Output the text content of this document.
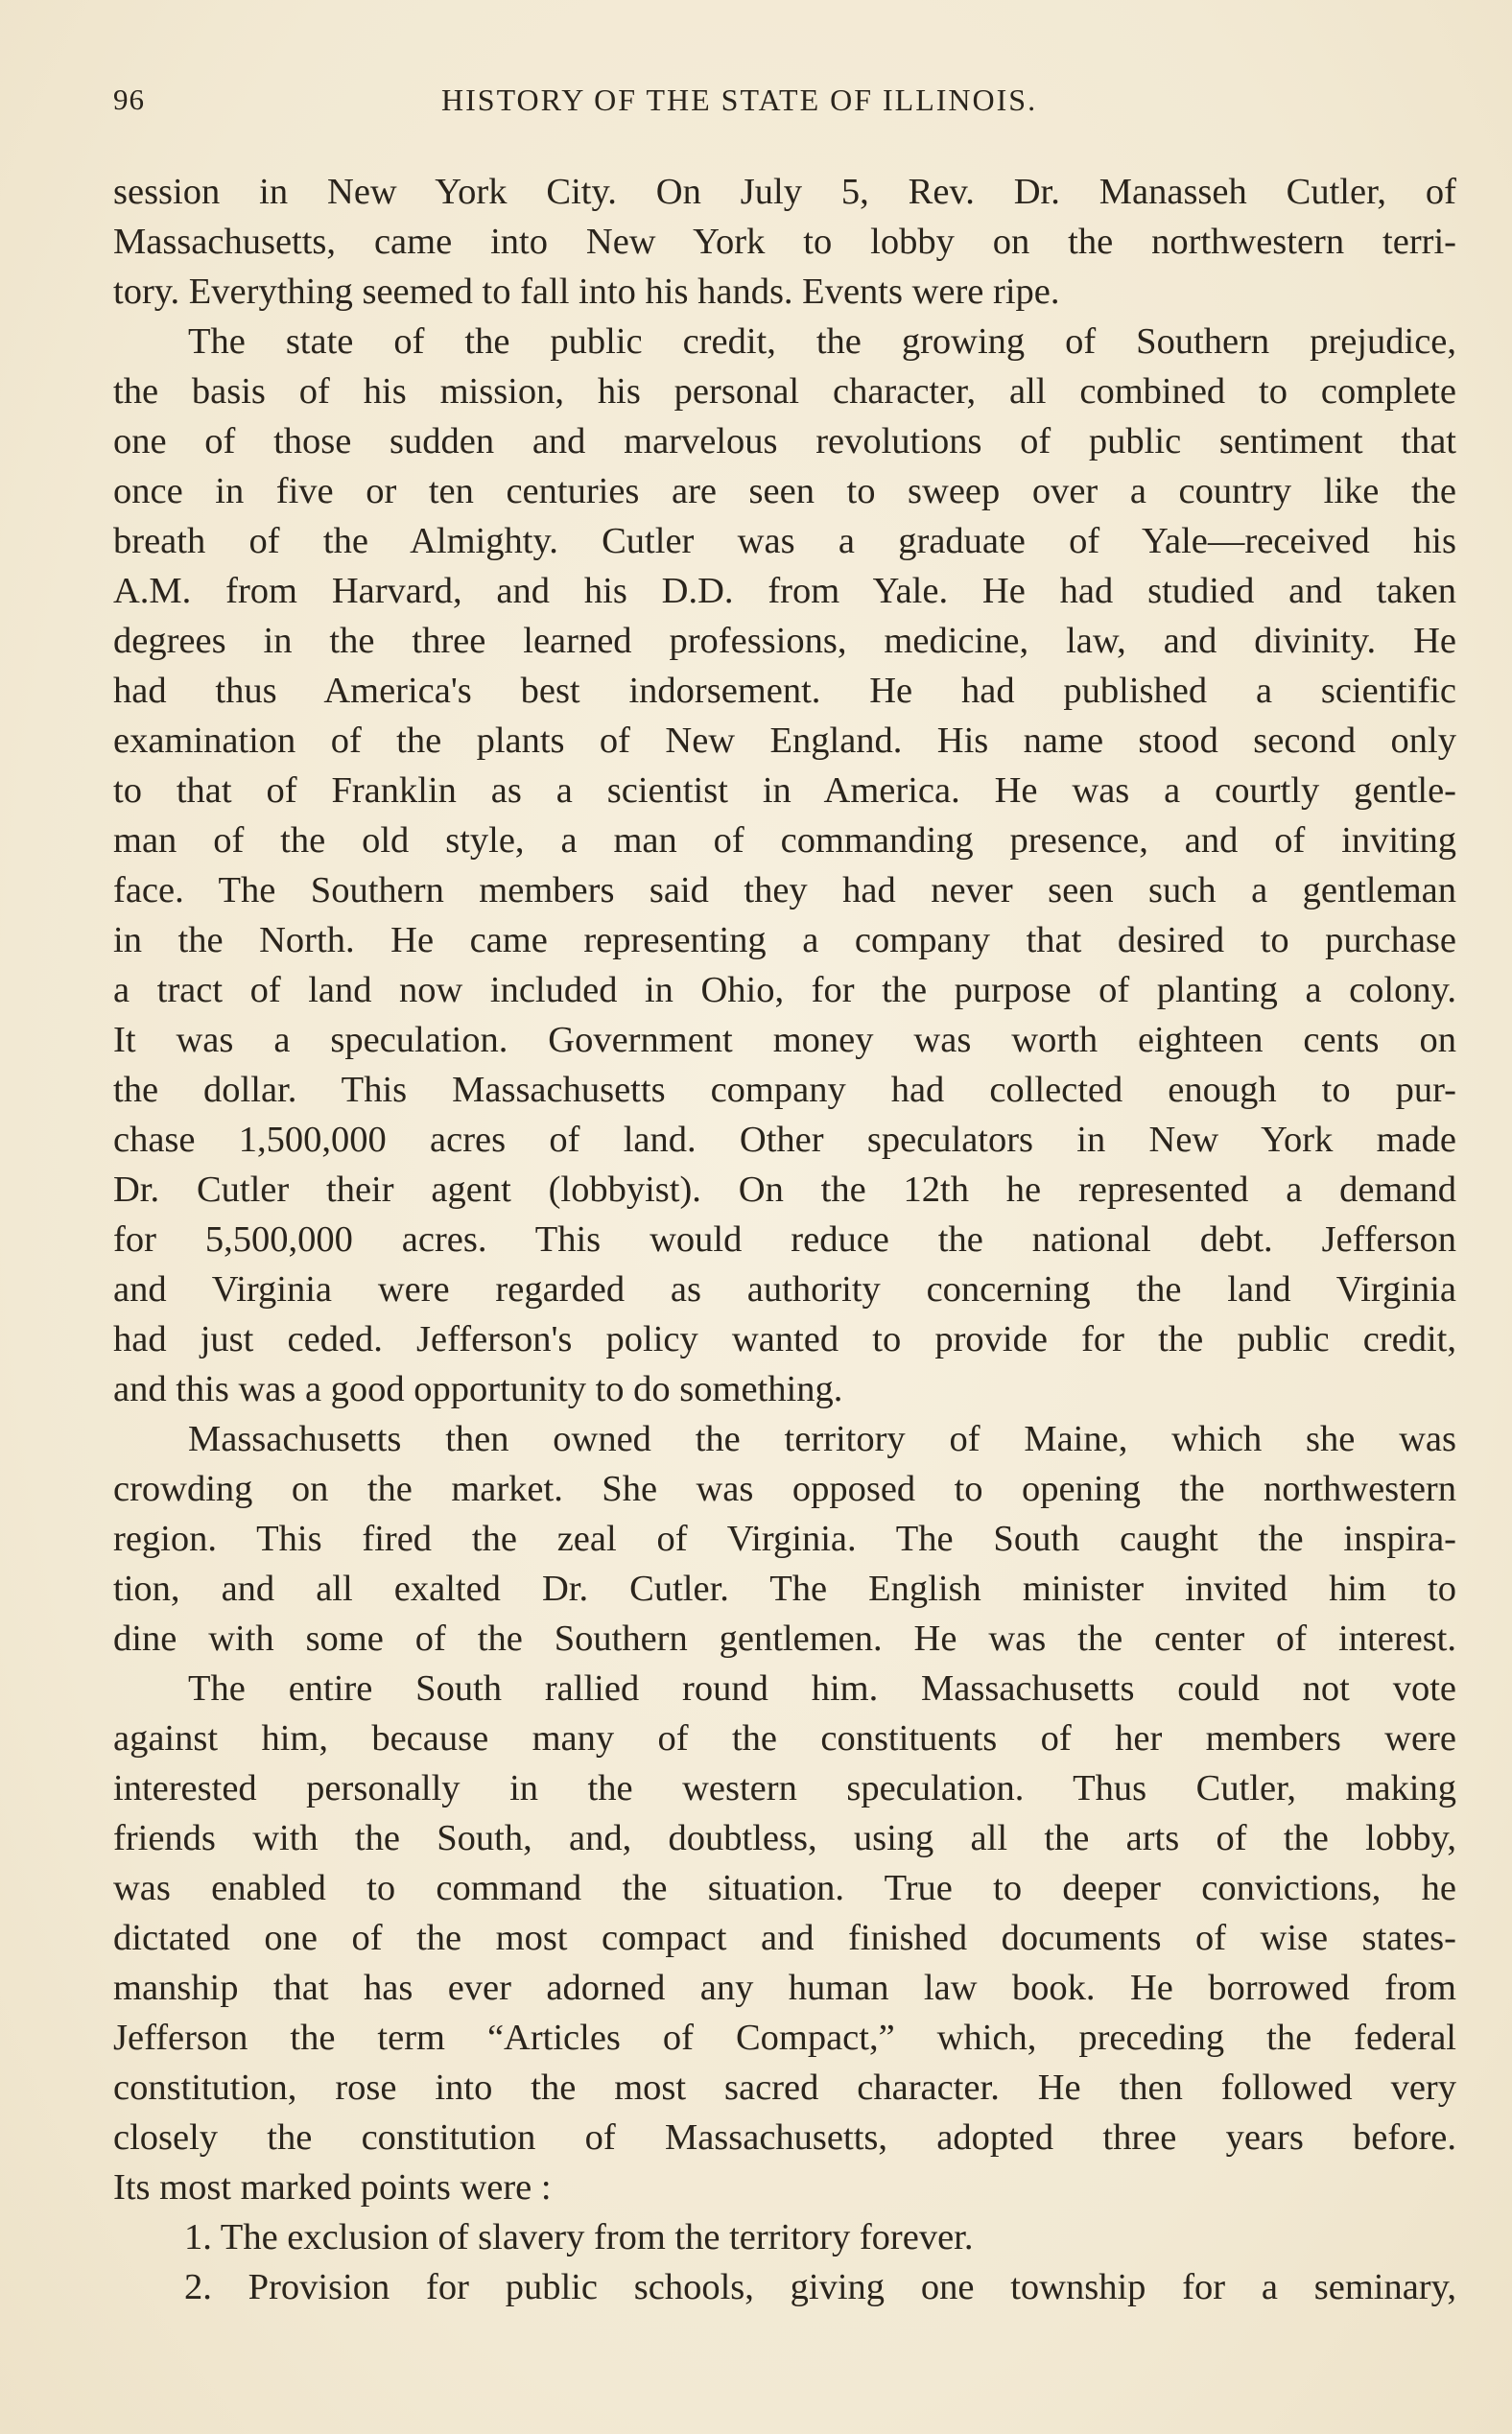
96	HISTORY OF THE STATE OF ILLINOIS.
session in New York City. On July 5, Rev. Dr. Manasseh Cutler, of
Massachusetts, came into New York to lobby on the northwestern terri-
tory. Everything seemed to fall into his hands. Events were ripe.
The state of the public credit, the growing of Southern prejudice,
the basis of his mission, his personal character, all combined to complete
one of those sudden and marvelous revolutions of public sentiment that
once in five or ten centuries are seen to sweep over a country like the
breath of the Almighty. Cutler was a graduate of Yale—received his
A.M. from Harvard, and his D.D. from Yale. He had studied and taken
degrees in the three learned professions, medicine, law, and divinity. He
had thus America's best indorsement. He had published a scientific
examination of the plants of New England. His name stood second only
to that of Franklin as a scientist in America. He was a courtly gentle-
man of the old style, a man of commanding presence, and of inviting
face. The Southern members said they had never seen such a gentleman
in the North. He came representing a company that desired to purchase
a tract of land now included in Ohio, for the purpose of planting a colony.
It was a speculation. Government money was worth eighteen cents on
the dollar. This Massachusetts company had collected enough to pur-
chase 1,500,000 acres of land. Other speculators in New York made
Dr. Cutler their agent (lobbyist). On the 12th he represented a demand
for 5,500,000 acres. This would reduce the national debt. Jefferson
and Virginia were regarded as authority concerning the land Virginia
had just ceded. Jefferson's policy wanted to provide for the public credit,
and this was a good opportunity to do something.
Massachusetts then owned the territory of Maine, which she was
crowding on the market. She was opposed to opening the northwestern
region. This fired the zeal of Virginia. The South caught the inspira-
tion, and all exalted Dr. Cutler. The English minister invited him to
dine with some of the Southern gentlemen. He was the center of interest.
The entire South rallied round him. Massachusetts could not vote
against him, because many of the constituents of her members were
interested personally in the western speculation. Thus Cutler, making
friends with the South, and, doubtless, using all the arts of the lobby,
was enabled to command the situation. True to deeper convictions, he
dictated one of the most compact and finished documents of wise states-
manship that has ever adorned any human law book. He borrowed from
Jefferson the term “Articles of Compact,” which, preceding the federal
constitution, rose into the most sacred character. He then followed very
closely the constitution of Massachusetts, adopted three years before.
Its most marked points were :
1. The exclusion of slavery from the territory forever.
2. Provision for public schools, giving one township for a seminary,
